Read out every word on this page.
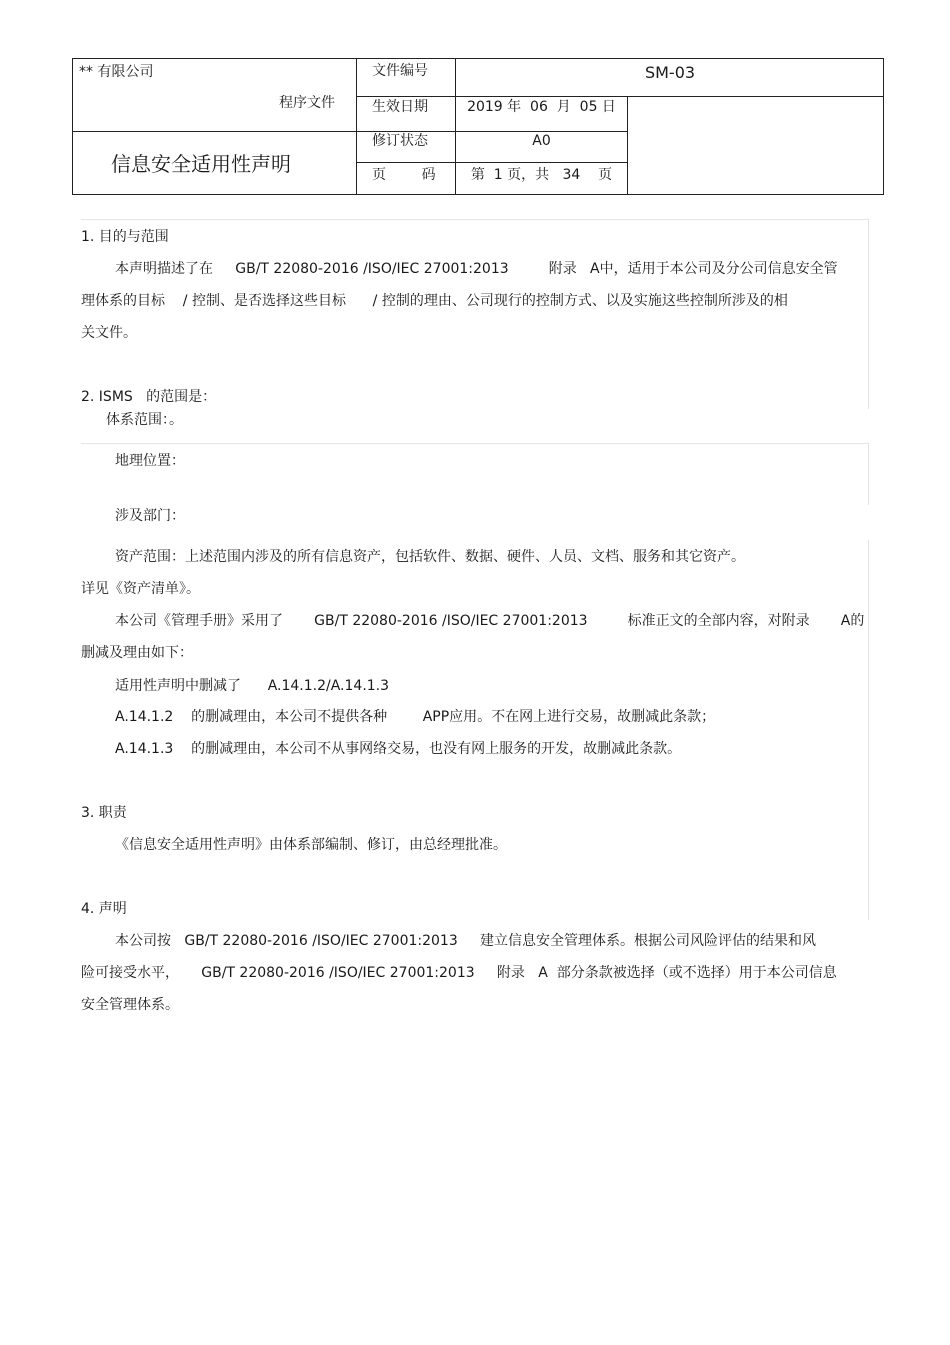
** 有限公司
程序文件
信息安全适用性声明
文件编号	SM-03
生效日期	2019 年  06  月  05 日
修订状态	A0
页        码	第  1 页，共   34    页
1. 目的与范围
本声明描述了在     GB/T 22080-2016 /ISO/IEC 27001:2013         附录   A中，适用于本公司及分公司信息安全管
理体系的目标    / 控制、是否选择这些目标      / 控制的理由、公司现行的控制方式、以及实施这些控制所涉及的相
关文件。
2. ISMS   的范围是：
体系范围：。
地理位置：
涉及部门：
资产范围：上述范围内涉及的所有信息资产，包括软件、数据、硬件、人员、文档、服务和其它资产。
详见《资产清单》。
本公司《管理手册》采用了       GB/T 22080-2016 /ISO/IEC 27001:2013         标准正文的全部内容，对附录       A的
删减及理由如下：
适用性声明中删减了      A.14.1.2/A.14.1.3
A.14.1.2    的删减理由，本公司不提供各种        APP应用。不在网上进行交易，故删减此条款；
A.14.1.3    的删减理由，本公司不从事网络交易，也没有网上服务的开发，故删减此条款。
3. 职责
《信息安全适用性声明》由体系部编制、修订，由总经理批准。
4. 声明
本公司按   GB/T 22080-2016 /ISO/IEC 27001:2013     建立信息安全管理体系。根据公司风险评估的结果和风
险可接受水平，     GB/T 22080-2016 /ISO/IEC 27001:2013     附录   A  部分条款被选择（或不选择）用于本公司信息
安全管理体系。
